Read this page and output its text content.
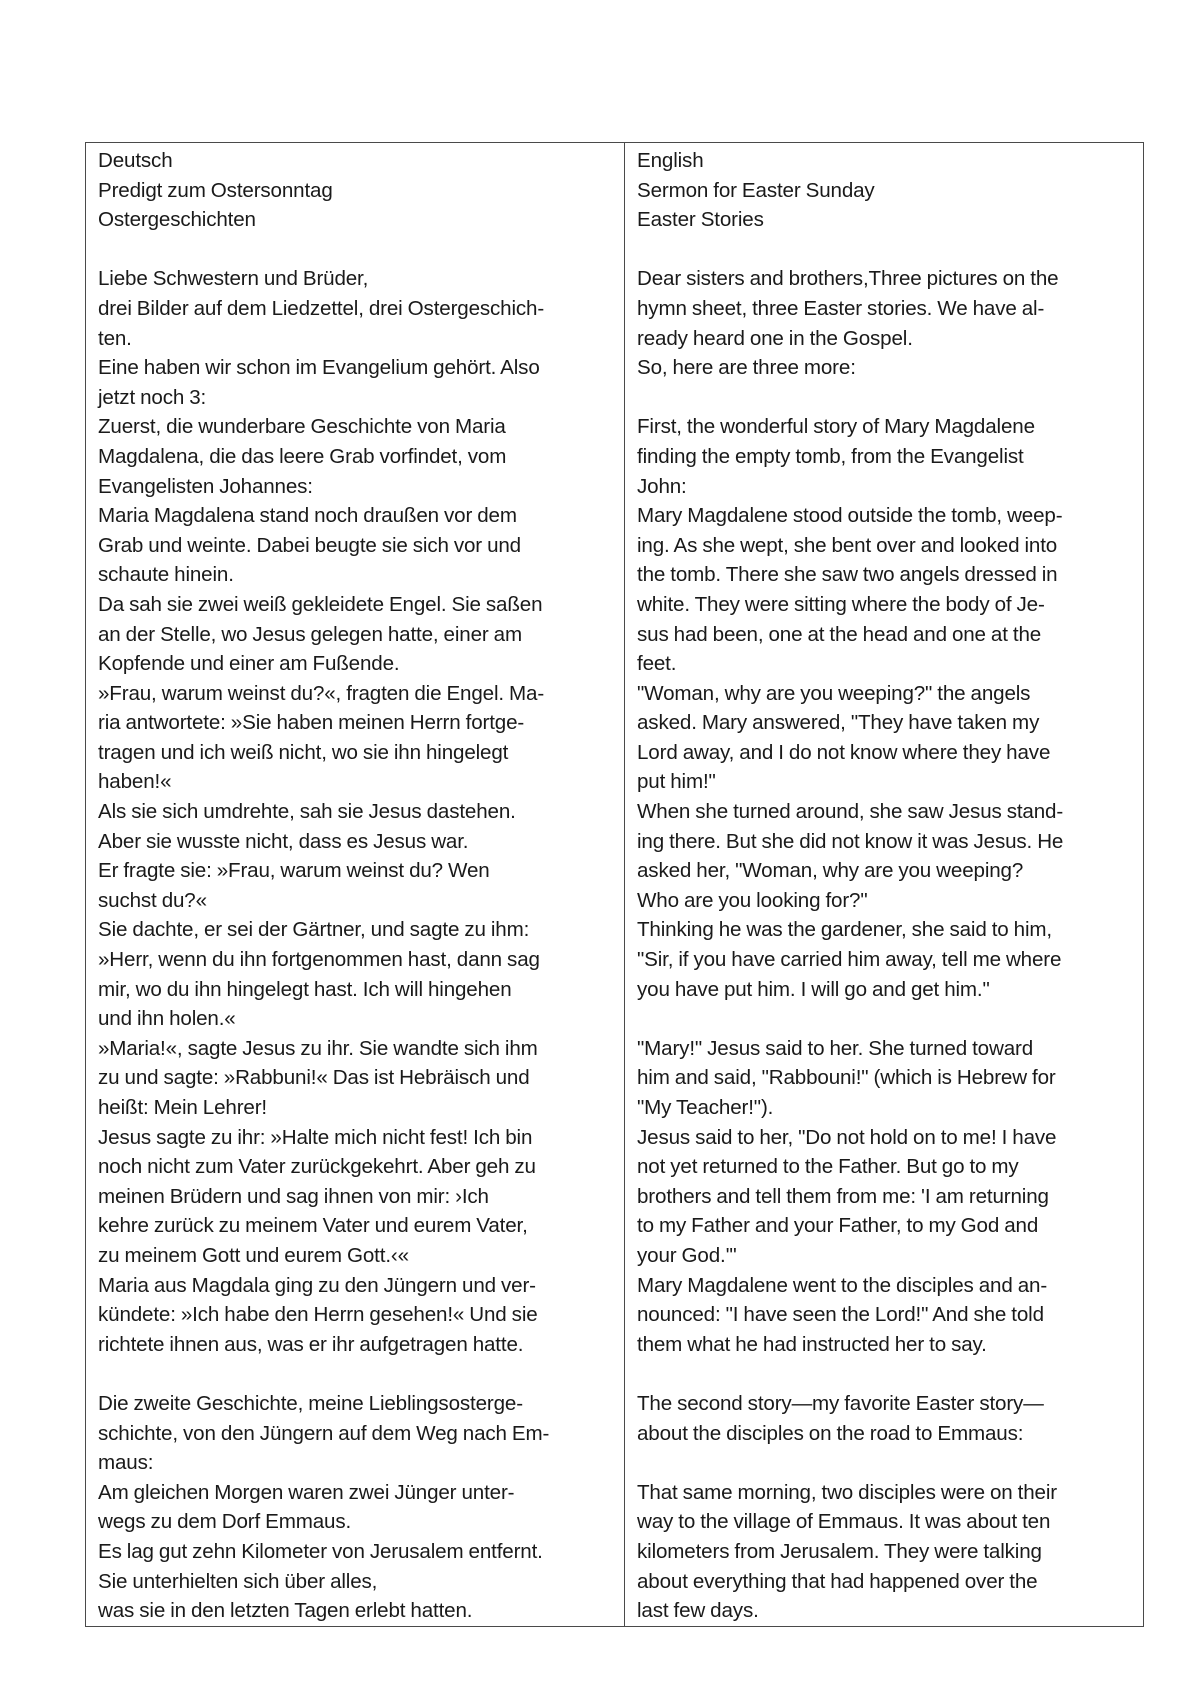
Deutsch
Predigt zum Ostersonntag
Ostergeschichten
Liebe Schwestern und Brüder,
drei Bilder auf dem Liedzettel, drei Ostergeschich-
ten.
Eine haben wir schon im Evangelium gehört. Also
jetzt noch 3:
Zuerst, die wunderbare Geschichte von Maria
Magdalena, die das leere Grab vorfindet, vom
Evangelisten Johannes:
Maria Magdalena stand noch draußen vor dem
Grab und weinte. Dabei beugte sie sich vor und
schaute hinein.
Da sah sie zwei weiß gekleidete Engel. Sie saßen
an der Stelle, wo Jesus gelegen hatte, einer am
Kopfende und einer am Fußende.
»Frau, warum weinst du?«, fragten die Engel. Ma-
ria antwortete: »Sie haben meinen Herrn fortge-
tragen und ich weiß nicht, wo sie ihn hingelegt
haben!«
Als sie sich umdrehte, sah sie Jesus dastehen.
Aber sie wusste nicht, dass es Jesus war.
Er fragte sie: »Frau, warum weinst du? Wen
suchst du?«
Sie dachte, er sei der Gärtner, und sagte zu ihm:
»Herr, wenn du ihn fortgenommen hast, dann sag
mir, wo du ihn hingelegt hast. Ich will hingehen
und ihn holen.«
»Maria!«, sagte Jesus zu ihr. Sie wandte sich ihm
zu und sagte: »Rabbuni!« Das ist Hebräisch und
heißt: Mein Lehrer!
Jesus sagte zu ihr: »Halte mich nicht fest! Ich bin
noch nicht zum Vater zurückgekehrt. Aber geh zu
meinen Brüdern und sag ihnen von mir: ›Ich
kehre zurück zu meinem Vater und eurem Vater,
zu meinem Gott und eurem Gott.‹«
Maria aus Magdala ging zu den Jüngern und ver-
kündete: »Ich habe den Herrn gesehen!« Und sie
richtete ihnen aus, was er ihr aufgetragen hatte.
Die zweite Geschichte, meine Lieblingsosterge-
schichte, von den Jüngern auf dem Weg nach Em-
maus:
Am gleichen Morgen waren zwei Jünger unter-
wegs zu dem Dorf Emmaus.
Es lag gut zehn Kilometer von Jerusalem entfernt.
Sie unterhielten sich über alles,
was sie in den letzten Tagen erlebt hatten.

English
Sermon for Easter Sunday
Easter Stories
Dear sisters and brothers,Three pictures on the
hymn sheet, three Easter stories. We have al-
ready heard one in the Gospel.
So, here are three more:
First, the wonderful story of Mary Magdalene
finding the empty tomb, from the Evangelist
John:
Mary Magdalene stood outside the tomb, weep-
ing. As she wept, she bent over and looked into
the tomb. There she saw two angels dressed in
white. They were sitting where the body of Je-
sus had been, one at the head and one at the
feet.
"Woman, why are you weeping?" the angels
asked. Mary answered, "They have taken my
Lord away, and I do not know where they have
put him!"
When she turned around, she saw Jesus stand-
ing there. But she did not know it was Jesus. He
asked her, "Woman, why are you weeping?
Who are you looking for?"
Thinking he was the gardener, she said to him,
"Sir, if you have carried him away, tell me where
you have put him. I will go and get him."
"Mary!" Jesus said to her. She turned toward
him and said, "Rabbouni!" (which is Hebrew for
"My Teacher!").
Jesus said to her, "Do not hold on to me! I have
not yet returned to the Father. But go to my
brothers and tell them from me: 'I am returning
to my Father and your Father, to my God and
your God.'"
Mary Magdalene went to the disciples and an-
nounced: "I have seen the Lord!" And she told
them what he had instructed her to say.
The second story—my favorite Easter story—
about the disciples on the road to Emmaus:
That same morning, two disciples were on their
way to the village of Emmaus. It was about ten
kilometers from Jerusalem. They were talking
about everything that had happened over the
last few days.
